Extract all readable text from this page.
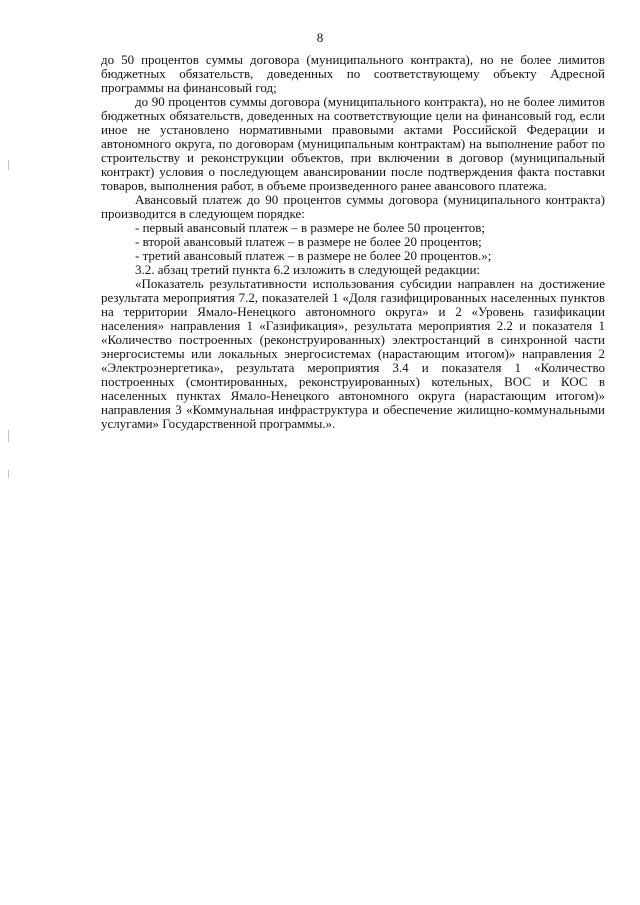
8

до 50 процентов суммы договора (муниципального контракта), но не более лимитов бюджетных обязательств, доведенных по соответствующему объекту Адресной программы на финансовый год;

до 90 процентов суммы договора (муниципального контракта), но не более лимитов бюджетных обязательств, доведенных на соответствующие цели на финансовый год, если иное не установлено нормативными правовыми актами Российской Федерации и автономного округа, по договорам (муниципальным контрактам) на выполнение работ по строительству и реконструкции объектов, при включении в договор (муниципальный контракт) условия о последующем авансировании после подтверждения факта поставки товаров, выполнения работ, в объеме произведенного ранее авансового платежа.

Авансовый платеж до 90 процентов суммы договора (муниципального контракта) производится в следующем порядке:

- первый авансовый платеж – в размере не более 50 процентов;

- второй авансовый платеж – в размере не более 20 процентов;

- третий авансовый платеж – в размере не более 20 процентов.»;

3.2. абзац третий пункта 6.2 изложить в следующей редакции:

«Показатель результативности использования субсидии направлен на достижение результата мероприятия 7.2, показателей 1 «Доля газифицированных населенных пунктов на территории Ямало-Ненецкого автономного округа» и 2 «Уровень газификации населения» направления 1 «Газификация», результата мероприятия 2.2 и показателя 1 «Количество построенных (реконструированных) электростанций в синхронной части энергосистемы или локальных энергосистемах (нарастающим итогом)» направления 2 «Электроэнергетика», результата мероприятия 3.4 и показателя 1 «Количество построенных (смонтированных, реконструированных) котельных, ВОС и КОС в населенных пунктах Ямало-Ненецкого автономного округа (нарастающим итогом)» направления 3 «Коммунальная инфраструктура и обеспечение жилищно-коммунальными услугами» Государственной программы.».
